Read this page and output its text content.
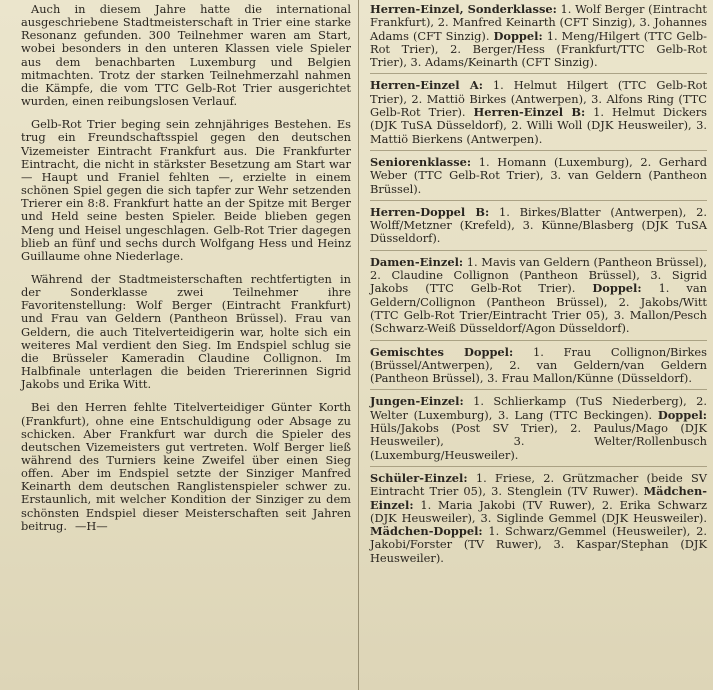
Auch in diesem Jahre hatte die international ausgeschriebene Stadtmeisterschaft in Trier eine starke Resonanz gefunden. 300 Teilnehmer waren am Start, wobei besonders in den unteren Klassen viele Spieler aus dem benachbarten Luxemburg und Belgien mitmachten. Trotz der starken Teilnehmerzahl nahmen die Kämpfe, die vom TTC Gelb-Rot Trier ausgerichtet wurden, einen reibungslosen Verlauf.

Gelb-Rot Trier beging sein zehnjähriges Bestehen. Es trug ein Freundschaftsspiel gegen den deutschen Vizemeister Eintracht Frankfurt aus. Die Frankfurter Eintracht, die nicht in stärkster Besetzung am Start war — Haupt und Franiel fehlten —, erzielte in einem schönen Spiel gegen die sich tapfer zur Wehr setzenden Trierer ein 8:8. Frankfurt hatte an der Spitze mit Berger und Held seine besten Spieler. Beide blieben gegen Meng und Heisel ungeschlagen. Gelb-Rot Trier dagegen blieb an fünf und sechs durch Wolfgang Hess und Heinz Guillaume ohne Niederlage.

Während der Stadtmeisterschaften rechtfertigten in der Sonderklasse zwei Teilnehmer ihre Favoritenstellung: Wolf Berger (Eintracht Frankfurt) und Frau van Geldern (Pantheon Brüssel). Frau van Geldern, die auch Titelverteidigerin war, holte sich ein weiteres Mal verdient den Sieg. Im Endspiel schlug sie die Brüsseler Kameradin Claudine Collignon. Im Halbfinale unterlagen die beiden Triererinnen Sigrid Jakobs und Erika Witt.

Bei den Herren fehlte Titelverteidiger Günter Korth (Frankfurt), ohne eine Entschuldigung oder Absage zu schicken. Aber Frankfurt war durch die Spieler des deutschen Vizemeisters gut vertreten. Wolf Berger ließ während des Turniers keine Zweifel über einen Sieg offen. Aber im Endspiel setzte der Sinziger Manfred Keinarth dem deutschen Ranglistenspieler schwer zu. Erstaunlich, mit welcher Kondition der Sinziger zu dem schönsten Endspiel dieser Meisterschaften seit Jahren beitrug. —H—

Herren-Einzel, Sonderklasse: 1. Wolf Berger (Eintracht Frankfurt), 2. Manfred Keinarth (CFT Sinzig), 3. Johannes Adams (CFT Sinzig). Doppel: 1. Meng/Hilgert (TTC Gelb-Rot Trier), 2. Berger/Hess (Frankfurt/TTC Gelb-Rot Trier), 3. Adams/Keinarth (CFT Sinzig).

Herren-Einzel A: 1. Helmut Hilgert (TTC Gelb-Rot Trier), 2. Mattiö Birkes (Antwerpen), 3. Alfons Ring (TTC Gelb-Rot Trier). Herren-Einzel B: 1. Helmut Dickers (DJK TuSA Düsseldorf), 2. Willi Woll (DJK Heusweiler), 3. Mattiö Bierkens (Antwerpen).

Seniorenklasse: 1. Homann (Luxemburg), 2. Gerhard Weber (TTC Gelb-Rot Trier), 3. van Geldern (Pantheon Brüssel).

Herren-Doppel B: 1. Birkes/Blatter (Antwerpen), 2. Wolff/Metzner (Krefeld), 3. Künne/Blasberg (DJK TuSA Düsseldorf).

Damen-Einzel: 1. Mavis van Geldern (Pantheon Brüssel), 2. Claudine Collignon (Pantheon Brüssel), 3. Sigrid Jakobs (TTC Gelb-Rot Trier). Doppel: 1. van Geldern/Collignon (Pantheon Brüssel), 2. Jakobs/Witt (TTC Gelb-Rot Trier/Eintracht Trier 05), 3. Mallon/Pesch (Schwarz-Weiß Düsseldorf/Agon Düsseldorf).

Gemischtes Doppel: 1. Frau Collignon/Birkes (Brüssel/Antwerpen), 2. van Geldern/van Geldern (Pantheon Brüssel), 3. Frau Mallon/Künne (Düsseldorf).

Jungen-Einzel: 1. Schlierkamp (TuS Niederberg), 2. Welter (Luxemburg), 3. Lang (TTC Beckingen). Doppel: Hüls/Jakobs (Post SV Trier), 2. Paulus/Mago (DJK Heusweiler), 3. Welter/Rollenbusch (Luxemburg/Heusweiler).

Schüler-Einzel: 1. Friese, 2. Grützmacher (beide SV Eintracht Trier 05), 3. Stenglein (TV Ruwer). Mädchen-Einzel: 1. Maria Jakobi (TV Ruwer), 2. Erika Schwarz (DJK Heusweiler), 3. Siglinde Gemmel (DJK Heusweiler). Mädchen-Doppel: 1. Schwarz/Gemmel (Heusweiler), 2. Jakobi/Forster (TV Ruwer), 3. Kaspar/Stephan (DJK Heusweiler).
